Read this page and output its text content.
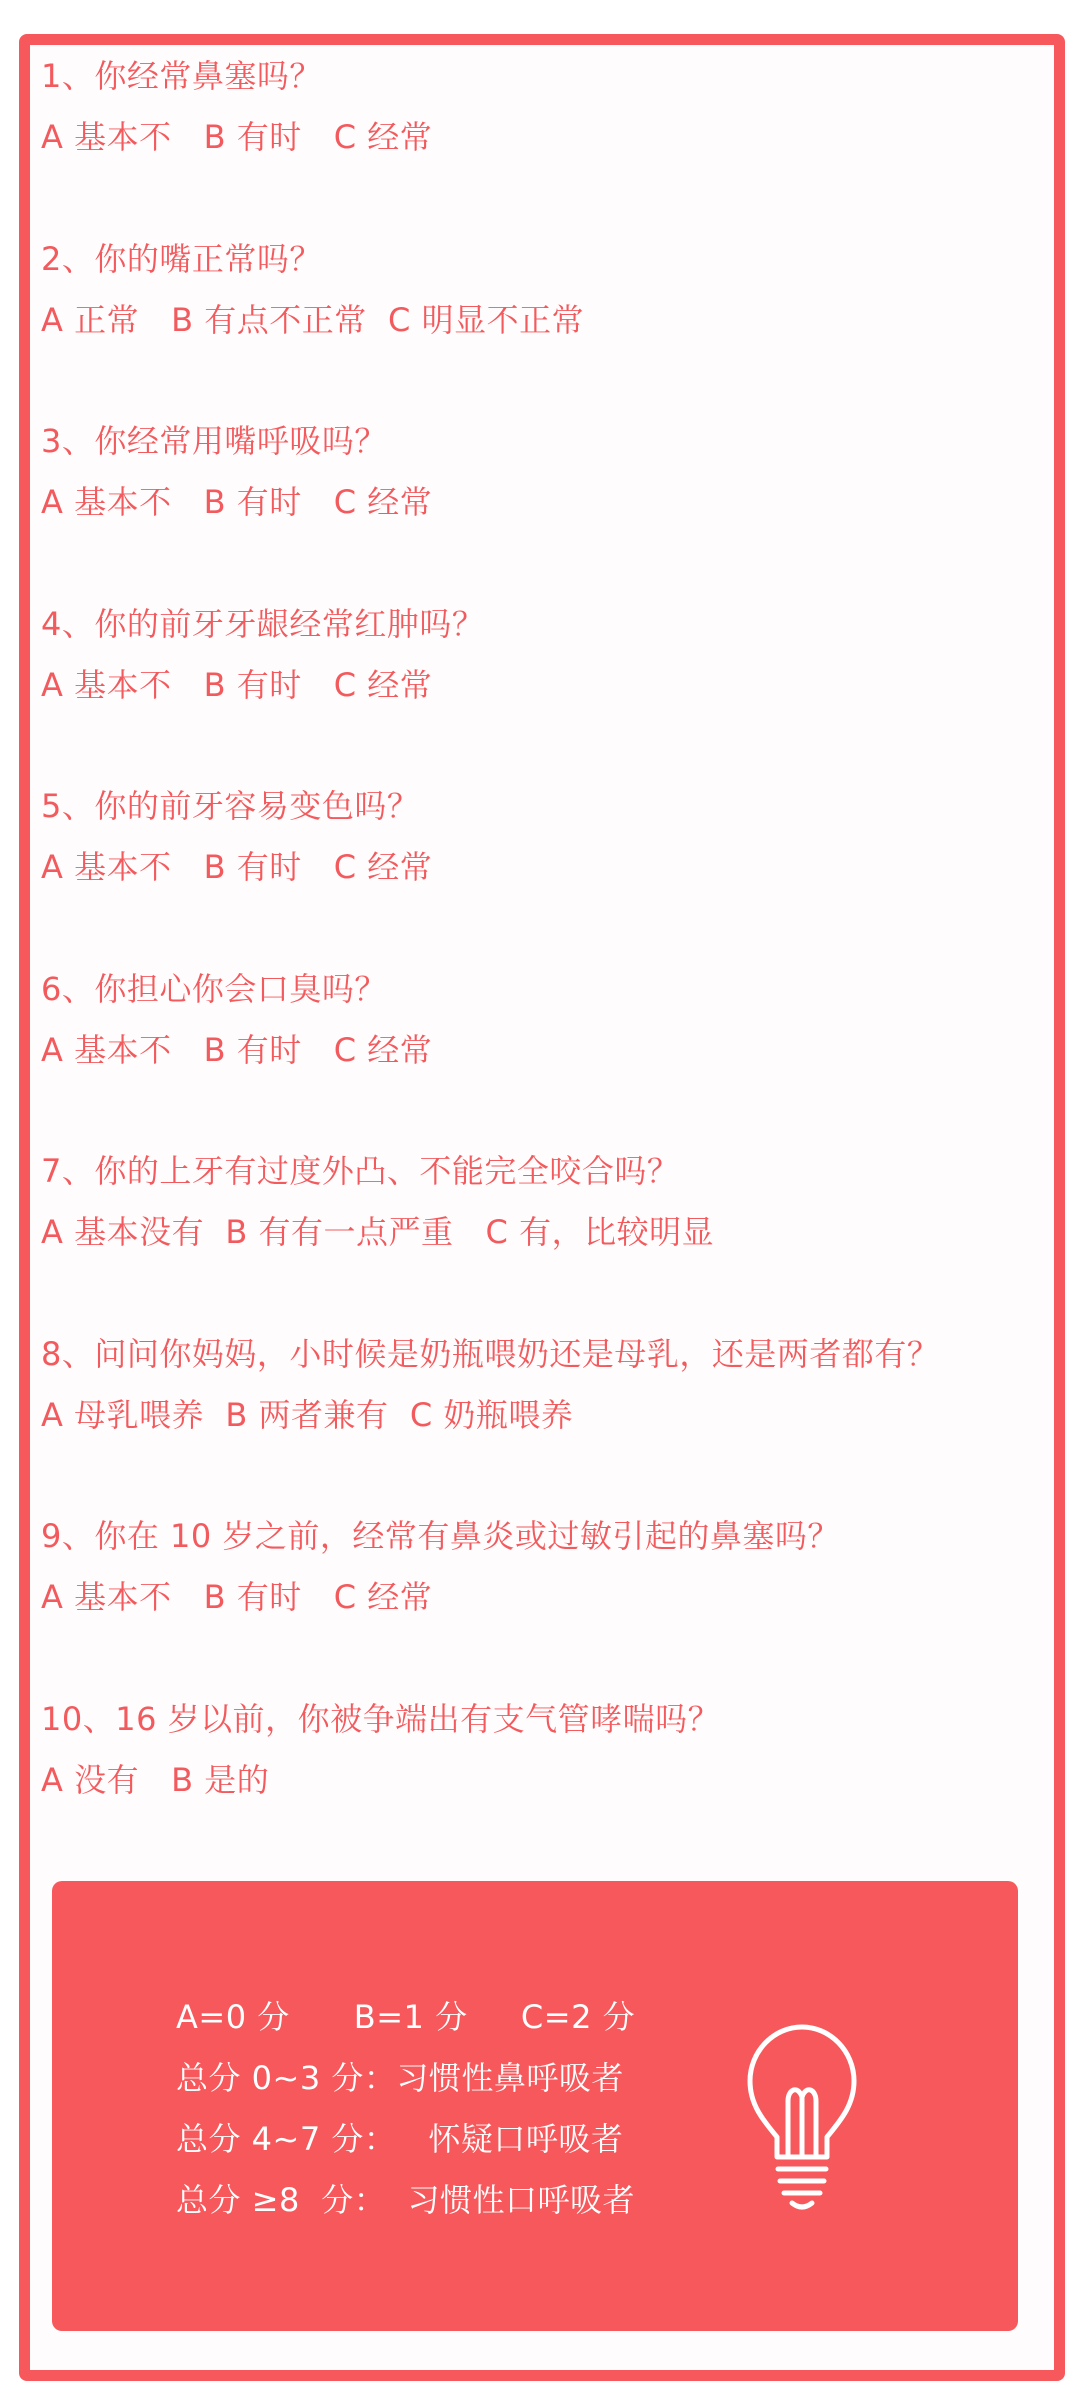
1、你经常鼻塞吗？
A 基本不   B 有时   C 经常
2、你的嘴正常吗？
A 正常   B 有点不正常  C 明显不正常
3、你经常用嘴呼吸吗？
A 基本不   B 有时   C 经常
4、你的前牙牙龈经常红肿吗？
A 基本不   B 有时   C 经常
5、你的前牙容易变色吗？
A 基本不   B 有时   C 经常
6、你担心你会口臭吗？
A 基本不   B 有时   C 经常
7、你的上牙有过度外凸、不能完全咬合吗？
A 基本没有  B 有有一点严重   C 有，比较明显
8、问问你妈妈，小时候是奶瓶喂奶还是母乳，还是两者都有？
A 母乳喂养  B 两者兼有  C 奶瓶喂养
9、你在 10 岁之前，经常有鼻炎或过敏引起的鼻塞吗？
A 基本不   B 有时   C 经常
10、16 岁以前，你被争端出有支气管哮喘吗？
A 没有   B 是的
A=0 分      B=1 分     C=2 分
总分 0~3 分：习惯性鼻呼吸者
总分 4~7 分：   怀疑口呼吸者
总分 ≥8  分：  习惯性口呼吸者
